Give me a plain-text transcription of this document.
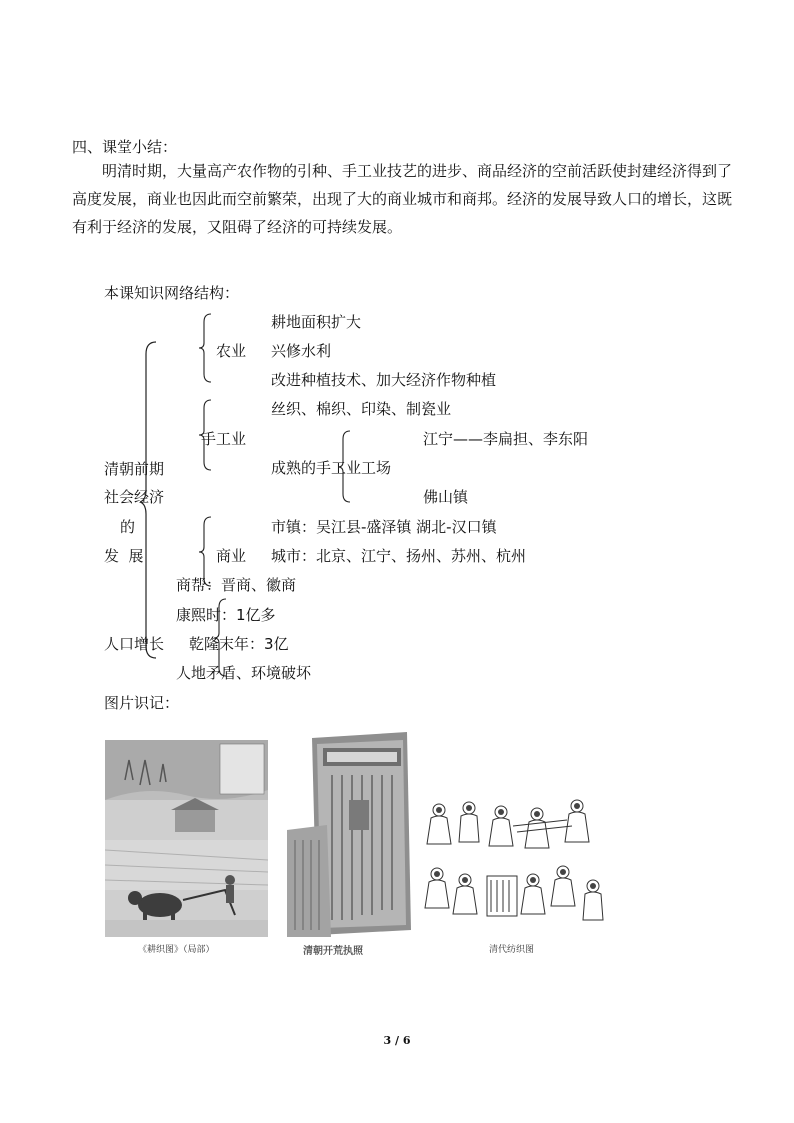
四、课堂小结：
明清时期，大量高产农作物的引种、手工业技艺的进步、商品经济的空前活跃使封建经济得到了高度发展，商业也因此而空前繁荣，出现了大的商业城市和商邦。经济的发展导致人口的增长，这既有利于经济的发展，又阻碍了经济的可持续发展。
本课知识网络结构：
清朝前期
社会经济
的
发  展
农业
耕地面积扩大
兴修水利
改进种植技术、加大经济作物种植
手工业
丝织、棉织、印染、制瓷业
成熟的手工业工场
江宁——李扁担、李东阳
佛山镇
商业
市镇：吴江县-盛泽镇 湖北-汉口镇
城市：北京、江宁、扬州、苏州、杭州
商帮：晋商、徽商
人口增长
康熙时：1亿多
乾隆末年：3亿
人地矛盾、环境破坏
图片识记：
《耕织图》（局部）	清朝开荒执照	清代纺织图
3 / 6
